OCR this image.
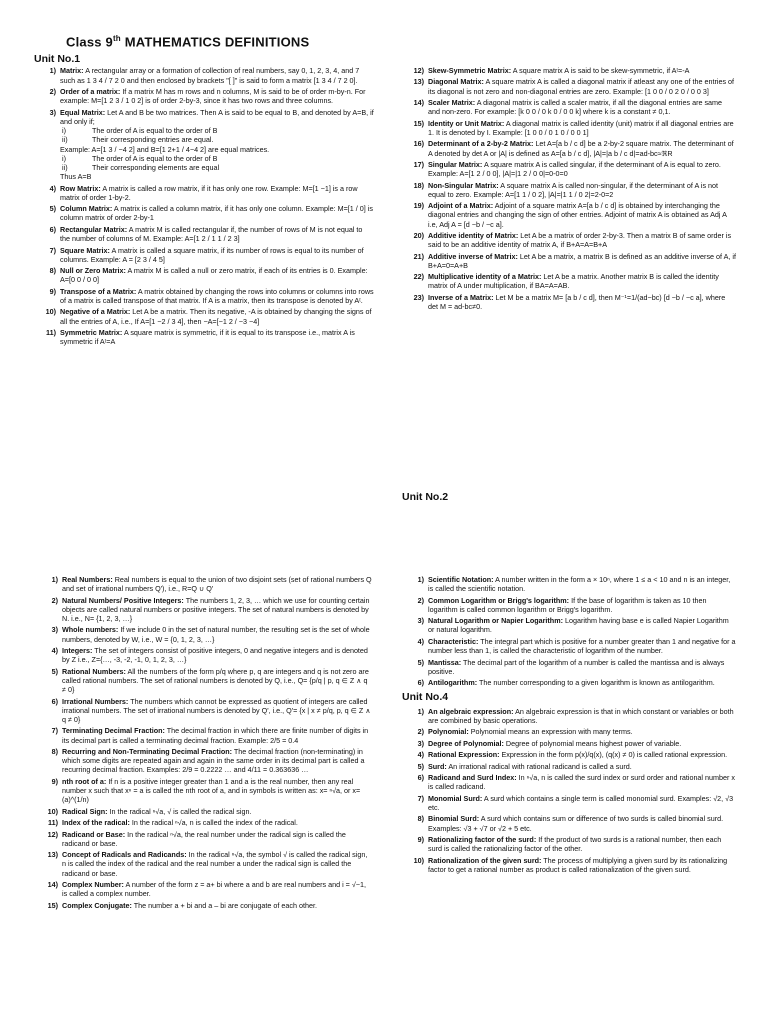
Class 9th MATHEMATICS DEFINITIONS
Unit No.1
1) Matrix: A rectangular array or a formation of collection of real numbers, say 0, 1, 2, 3, 4, and 7 such as 1 3 4 / 7 2 0 and then enclosed by brackets "[ ]" is said to form a matrix [1 3 4 / 7 2 0].
2) Order of a matrix: If a matrix M has m rows and n columns, M is said to be of order m-by-n. For example: M=[1 2 3 / 1 0 2] is of order 2-by-3, since it has two rows and three columns.
3) Equal Matrix: Let A and B be two matrices. Then A is said to be equal to B, and denoted by A=B, if and only if;
i)	The order of A is equal to the order of B
ii)	Their corresponding entries are equal.
Example: A=[1 3 / −4 2] and B=[1 2+1 / 4−4 2] are equal matrices.
i)	The order of A is equal to the order of B
ii)	Their corresponding elements are equal
Thus A=B
4) Row Matrix: A matrix is called a row matrix, if it has only one row. Example: M=[1 −1] is a row matrix of order 1-by-2.
5) Column Matrix: A matrix is called a column matrix, if it has only one column. Example: M=[1 / 0] is column matrix of order 2-by-1
6) Rectangular Matrix: A matrix M is called rectangular if, the number of rows of M is not equal to the number of columns of M. Example: A=[1 2 / 1 1 / 2 3]
7) Square Matrix: A matrix is called a square matrix, if its number of rows is equal to its number of columns. Example: A = [2 3 / 4 5]
8) Null or Zero Matrix: A matrix M is called a null or zero matrix, if each of its entries is 0. Example: A=[0 0 / 0 0]
9) Transpose of a Matrix: A matrix obtained by changing the rows into columns or columns into rows of a matrix is called transpose of that matrix. If A is a matrix, then its transpose is denoted by Aᵗ.
10) Negative of a Matrix: Let A be a matrix. Then its negative, -A is obtained by changing the signs of all the entries of A, i.e., If A=[1 −2 / 3 4], then −A=[−1 2 / −3 −4]
11) Symmetric Matrix: A square matrix is symmetric, if it is equal to its transpose i.e., matrix A is symmetric if Aᵗ=A
12) Skew-Symmetric Matrix: A square matrix A is said to be skew-symmetric, if Aᵗ=-A
13) Diagonal Matrix: A square matrix A is called a diagonal matrix if atleast any one of the entries of its diagonal is not zero and non-diagonal entries are zero. Example: [1 0 0 / 0 2 0 / 0 0 3]
14) Scaler Matrix: A diagonal matrix is called a scaler matrix, if all the diagonal entries are same and non-zero. For example: [k 0 0 / 0 k 0 / 0 0 k] where k is a constant ≠ 0,1.
15) Identity or Unit Matrix: A diagonal matrix is called identity (unit) matrix if all diagonal entries are 1. It is denoted by I. Example: [1 0 0 / 0 1 0 / 0 0 1]
16) Determinant of a 2-by-2 Matrix: Let A=[a b / c d] be a 2-by-2 square matrix. The determinant of A denoted by det A or |A| is defined as A=[a b / c d], |A|=|a b / c d|=ad-bc≈ℜR
17) Singular Matrix: A square matrix A is called singular, if the determinant of A is equal to zero. Example: A=[1 2 / 0 0], |A|=|1 2 / 0 0|=0-0=0
18) Non-Singular Matrix: A square matrix A is called non-singular, if the determinant of A is not equal to zero. Example: A=[1 1 / 0 2], |A|=|1 1 / 0 2|=2-0=2
19) Adjoint of a Matrix: Adjoint of a square matrix A=[a b / c d] is obtained by interchanging the diagonal entries and changing the sign of other entries. Adjoint of matrix A is obtained as Adj A i.e, Adj A = [d −b / −c a].
20) Additive identity of Matrix: Let A be a matrix of order 2-by-3. Then a matrix B of same order is said to be an additive identity of matrix A, if B+A=A=B+A
21) Additive inverse of Matrix: Let A be a matrix, a matrix B is defined as an additive inverse of A, if B+A=0=A+B
22) Multiplicative identity of a Matrix: Let A be a matrix. Another matrix B is called the identity matrix of A under multiplication, if BA=A=AB.
23) Inverse of a Matrix: Let M be a matrix M= [a b / c d], then M⁻¹=1/(ad−bc) [d −b / −c a], where det M = ad-bc≠0.
Unit No.2
1) Real Numbers: Real numbers is equal to the union of two disjoint sets (set of rational numbers Q and set of irrational numbers Q'), i.e., R=Q ∪ Q'
2) Natural Numbers/ Positive Integers: The numbers 1, 2, 3, … which we use for counting certain objects are called natural numbers or positive integers. The set of natural numbers is denoted by N. i.e., N= {1, 2, 3, …}
3) Whole numbers: If we include 0 in the set of natural number, the resulting set is the set of whole numbers, denoted by W, i.e., W = {0, 1, 2, 3, …}
4) Integers: The set of integers consist of positive integers, 0 and negative integers and is denoted by Z i.e., Z={…, -3, -2, -1, 0, 1, 2, 3, …}
5) Rational Numbers: All the numbers of the form p/q where p, q are integers and q is not zero are called rational numbers. The set of rational numbers is denoted by Q, i.e., Q= {p/q | p, q ∈ Z ∧ q ≠ 0}
6) Irrational Numbers: The numbers which cannot be expressed as quotient of integers are called irrational numbers. The set of irrational numbers is denoted by Q', i.e., Q'= {x | x ≠ p/q, p, q ∈ Z ∧ q ≠ 0}
7) Terminating Decimal Fraction: The decimal fraction in which there are finite number of digits in its decimal part is called a terminating decimal fraction. Example: 2/5 = 0.4
8) Recurring and Non-Terminating Decimal Fraction: The decimal fraction (non-terminating) in which some digits are repeated again and again in the same order in its decimal part is called a recurring decimal fraction. Examples: 2/9 = 0.2222 … and 4/11 = 0.363636 …
9) nth root of a: If n is a positive integer greater than 1 and a is the real number, then any real number x such that xⁿ = a is called the nth root of a, and in symbols is written as: x= ⁿ√a, or x= (a)^(1/n)
10) Radical Sign: In the radical ⁿ√a, √ is called the radical sign.
11) Index of the radical: In the radical ⁿ√a, n is called the index of the radical.
12) Radicand or Base: In the radical ⁿ√a, the real number under the radical sign is called the radicand or base.
13) Concept of Radicals and Radicands: In the radical ⁿ√a, the symbol √ is called the radical sign, n is called the index of the radical and the real number a under the radical sign is called the radicand or base.
14) Complex Number: A number of the form z = a+ bi where a and b are real numbers and i = √−1, is called a complex number.
15) Complex Conjugate: The number a + bi and a – bi are conjugate of each other.
1) Scientific Notation: A number written in the form a × 10ⁿ, where 1 ≤ a < 10 and n is an integer, is called the scientific notation.
2) Common Logarithm or Brigg's logarithm: If the base of logarithm is taken as 10 then logarithm is called common logarithm or Brigg's logarithm.
3) Natural Logarithm or Napier Logarithm: Logarithm having base e is called Napier Logarithm or natural logarithm.
4) Characteristic: The integral part which is positive for a number greater than 1 and negative for a number less than 1, is called the characteristic of logarithm of the number.
5) Mantissa: The decimal part of the logarithm of a number is called the mantissa and is always positive.
6) Antilogarithm: The number corresponding to a given logarithm is known as antilogarithm.
Unit No.4
1) An algebraic expression: An algebraic expression is that in which constant or variables or both are combined by basic operations.
2) Polynomial: Polynomial means an expression with many terms.
3) Degree of Polynomial: Degree of polynomial means highest power of variable.
4) Rational Expression: Expression in the form p(x)/q(x), (q(x) ≠ 0) is called rational expression.
5) Surd: An irrational radical with rational radicand is called a surd.
6) Radicand and Surd Index: In ⁿ√a, n is called the surd index or surd order and rational number x is called radicand.
7) Monomial Surd: A surd which contains a single term is called monomial surd. Examples: √2, √3 etc.
8) Binomial Surd: A surd which contains sum or difference of two surds is called binomial surd. Examples: √3 + √7 or √2 + 5 etc.
9) Rationalizing factor of the surd: If the product of two surds is a rational number, then each surd is called the rationalizing factor of the other.
10) Rationalization of the given surd: The process of multiplying a given surd by its rationalizing factor to get a rational number as product is called rationalization of the given surd.
